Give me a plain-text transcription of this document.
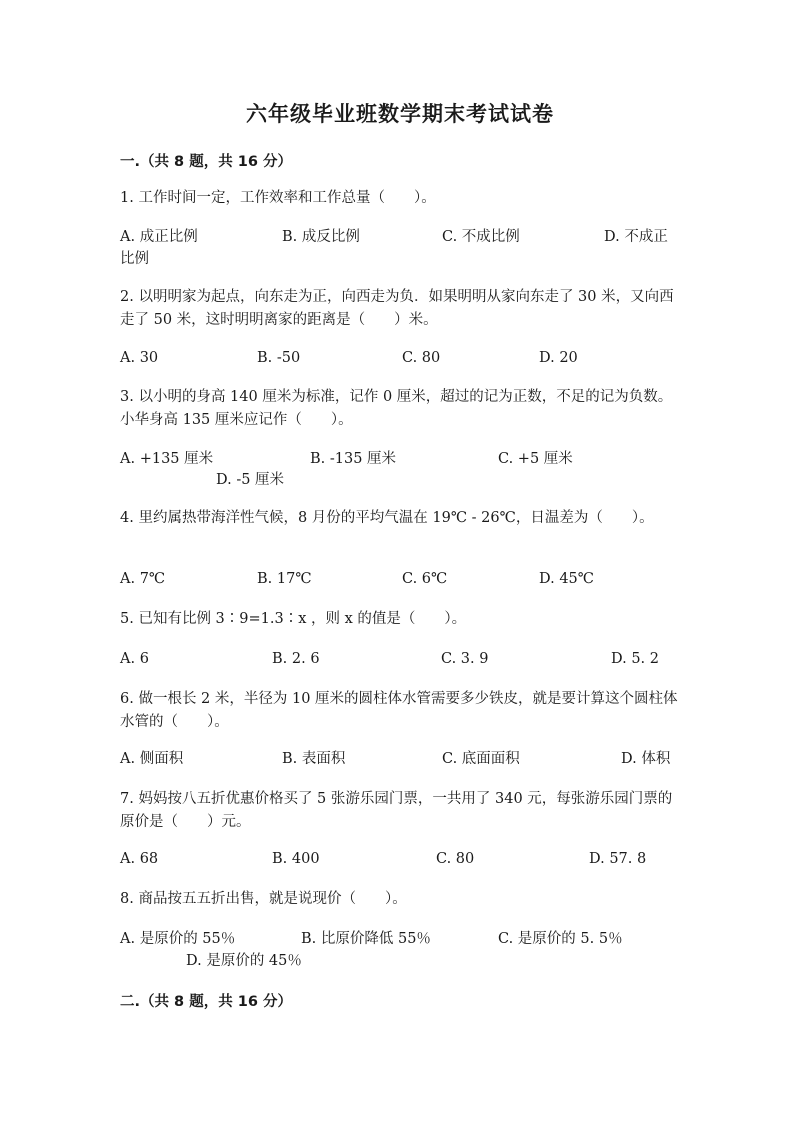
六年级毕业班数学期末考试试卷
一.（共 8 题，共 16 分）
1. 工作时间一定，工作效率和工作总量（　　）。
A. 成正比例	B. 成反比例	C. 不成比例	D. 不成正
比例
2. 以明明家为起点，向东走为正，向西走为负．如果明明从家向东走了 30 米，又向西走了 50 米，这时明明离家的距离是（　　）米。
A. 30	B. -50	C. 80	D. 20
3. 以小明的身高 140 厘米为标准，记作 0 厘米，超过的记为正数，不足的记为负数。小华身高 135 厘米应记作（　　）。
A. +135 厘米	B. -135 厘米	C. +5 厘米
D. -5 厘米
4. 里约属热带海洋性气候，8 月份的平均气温在 19℃ - 26℃，日温差为（　　）。
A. 7℃	B. 17℃	C. 6℃	D. 45℃
5. 已知有比例 3∶9=1.3∶x ，则 x 的值是（　　）。
A. 6	B. 2. 6	C. 3. 9	D. 5. 2
6. 做一根长 2 米，半径为 10 厘米的圆柱体水管需要多少铁皮，就是要计算这个圆柱体水管的（　　）。
A. 侧面积	B. 表面积	C. 底面面积	D. 体积
7. 妈妈按八五折优惠价格买了 5 张游乐园门票，一共用了 340 元，每张游乐园门票的原价是（　　）元。
A. 68	B. 400	C. 80	D. 57. 8
8. 商品按五五折出售，就是说现价（　　）。
A. 是原价的 55％	B. 比原价降低 55％	C. 是原价的 5. 5％
D. 是原价的 45％
二.（共 8 题，共 16 分）
